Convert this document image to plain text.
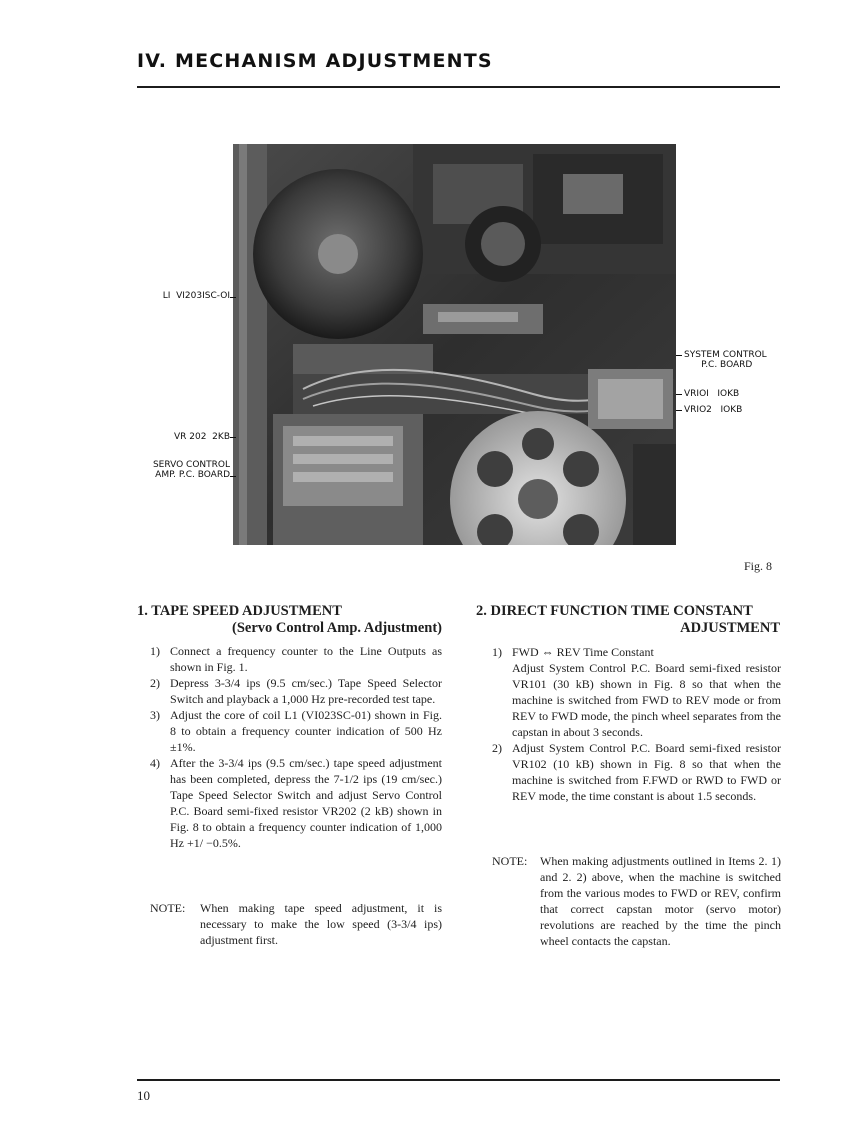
IV. MECHANISM ADJUSTMENTS
LI  VI203ISC-OI
VR 202  2KB
SERVO CONTROL
AMP. P.C. BOARD
SYSTEM CONTROL
P.C. BOARD
VRIOI   IOKB
VRIO2   IOKB
Fig. 8
1. TAPE SPEED ADJUSTMENT
(Servo Control Amp. Adjustment)
1) Connect a frequency counter to the Line Outputs as shown in Fig. 1.
2) Depress 3-3/4 ips (9.5 cm/sec.) Tape Speed Selector Switch and playback a 1,000 Hz pre-recorded test tape.
3) Adjust the core of coil L1 (VI023SC-01) shown in Fig. 8 to obtain a frequency counter indication of 500 Hz ±1%.
4) After the 3-3/4 ips (9.5 cm/sec.) tape speed adjustment has been completed, depress the 7-1/2 ips (19 cm/sec.) Tape Speed Selector Switch and adjust Servo Control P.C. Board semi-fixed resistor VR202 (2 kB) shown in Fig. 8 to obtain a frequency counter indication of 1,000 Hz +1/ −0.5%.
NOTE: When making tape speed adjustment, it is necessary to make the low speed (3-3/4 ips) adjustment first.
2. DIRECT FUNCTION TIME CONSTANT
ADJUSTMENT
1) FWD ⇔ REV Time Constant
Adjust System Control P.C. Board semi-fixed resistor VR101 (30 kB) shown in Fig. 8 so that when the machine is switched from FWD to REV mode or from REV to FWD mode, the pinch wheel separates from the capstan in about 3 seconds.
2) Adjust System Control P.C. Board semi-fixed resistor VR102 (10 kB) shown in Fig. 8 so that when the machine is switched from F.FWD or RWD to FWD or REV mode, the time constant is about 1.5 seconds.
NOTE: When making adjustments outlined in Items 2. 1) and 2. 2) above, when the machine is switched from the various modes to FWD or REV, confirm that correct capstan motor (servo motor) revolutions are reached by the time the pinch wheel contacts the capstan.
10
